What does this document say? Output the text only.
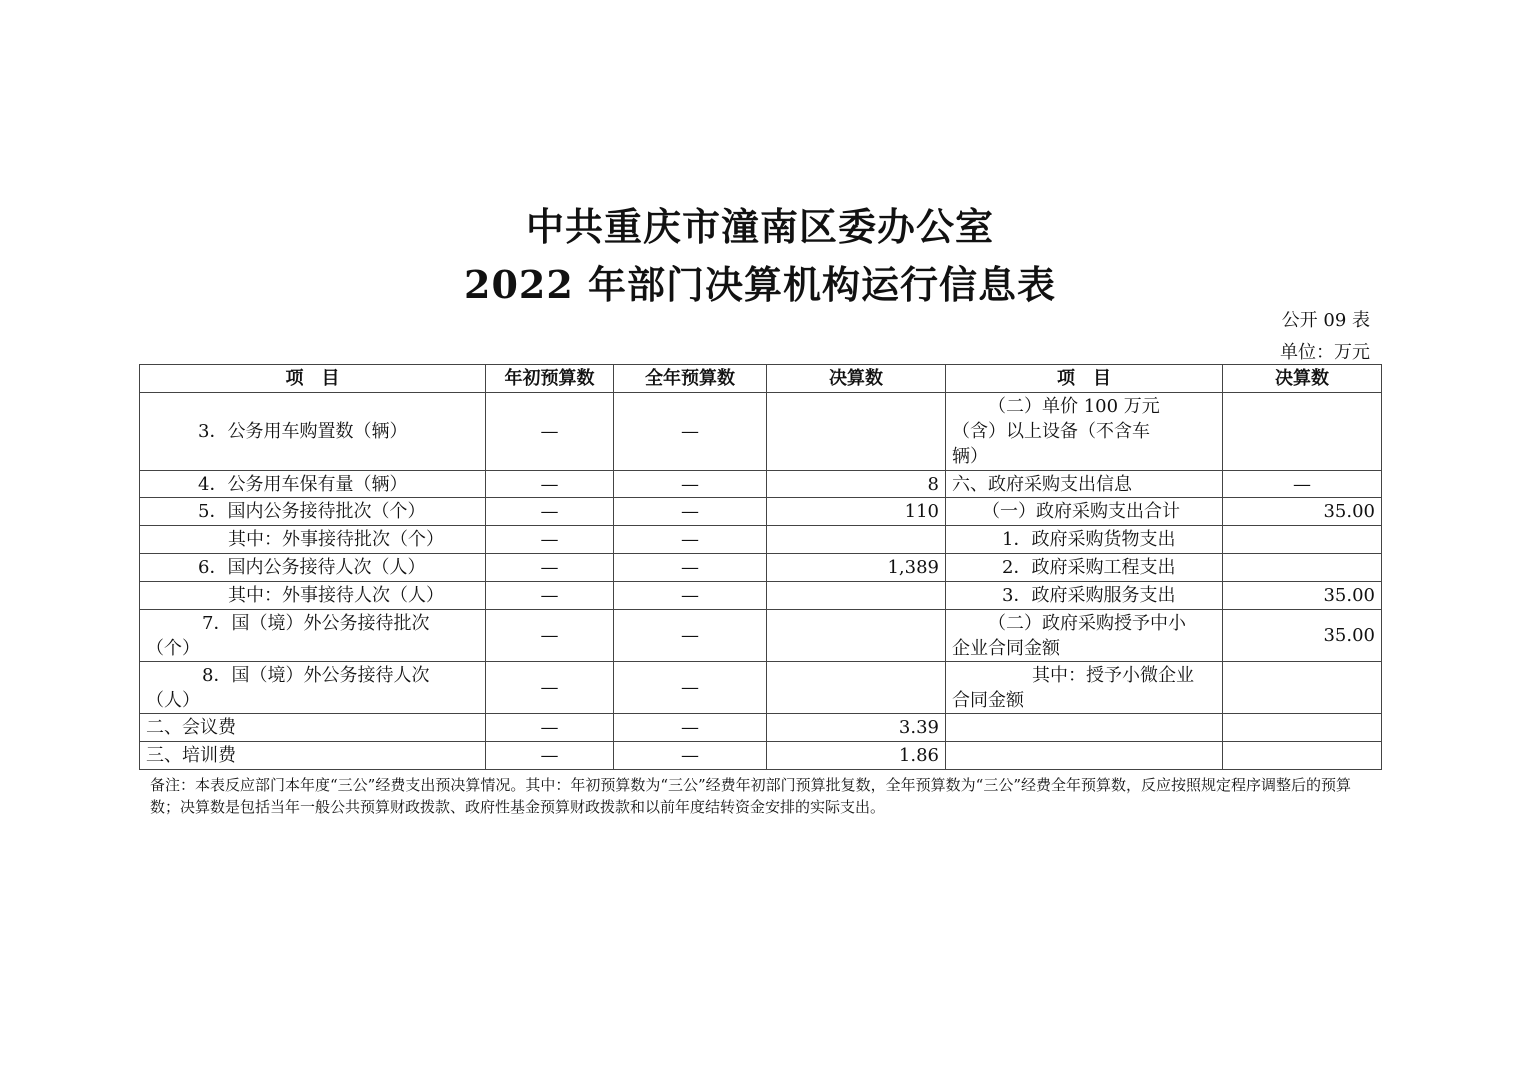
中共重庆市潼南区委办公室
2022 年部门决算机构运行信息表
公开 09 表
单位：万元
项　目	年初预算数	全年预算数	决算数	项　目	决算数
3．公务用车购置数（辆）	—	—		（二）单价 100 万元（含）以上设备（不含车辆）	

4．公务用车保有量（辆）	—	—	8	六、政府采购支出信息	—
5．国内公务接待批次（个）	—	—	110	（一）政府采购支出合计	35.00
其中：外事接待批次（个）	—	—		1．政府采购货物支出	
6．国内公务接待人次（人）	—	—	1,389	2．政府采购工程支出	
其中：外事接待人次（人）	—	—		3．政府采购服务支出	35.00

7．国（境）外公务接待批次（个）	—	—		（二）政府采购授予中小企业合同金额	35.00

8．国（境）外公务接待人次（人）	—	—		其中：授予小微企业合同金额	

二、会议费	—	—	3.39		
三、培训费	—	—	1.86		
备注：本表反应部门本年度“三公”经费支出预决算情况。其中：年初预算数为“三公”经费年初部门预算批复数，全年预算数为“三公”经费全年预算数，反应按照规定程序调整后的预算数；决算数是包括当年一般公共预算财政拨款、政府性基金预算财政拨款和以前年度结转资金安排的实际支出。
